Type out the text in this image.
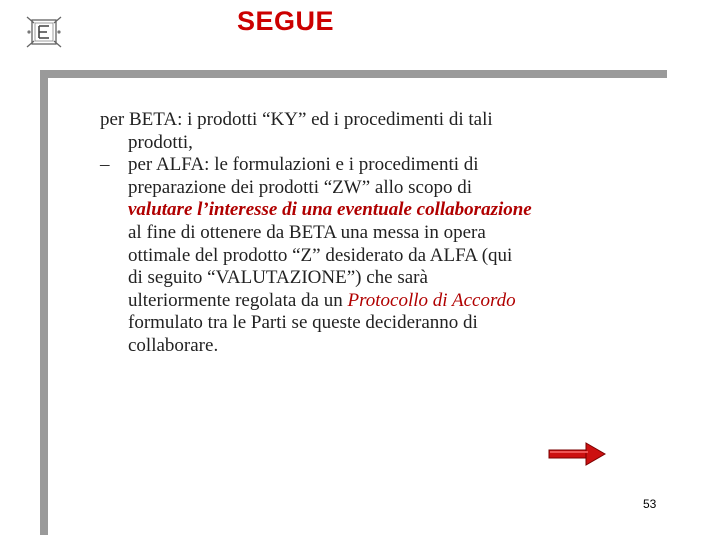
SEGUE
per BETA: i prodotti “KY” ed i procedimenti di tali
prodotti,
– per ALFA: le formulazioni e i procedimenti di
preparazione dei prodotti “ZW” allo scopo di
valutare l’interesse di una eventuale collaborazione
al fine di ottenere da BETA una messa in opera
ottimale del prodotto “Z” desiderato da ALFA (qui
di seguito “VALUTAZIONE”) che sarà
ulteriormente regolata da un Protocollo di Accordo
formulato tra le Parti se queste decideranno di
collaborare.
53
